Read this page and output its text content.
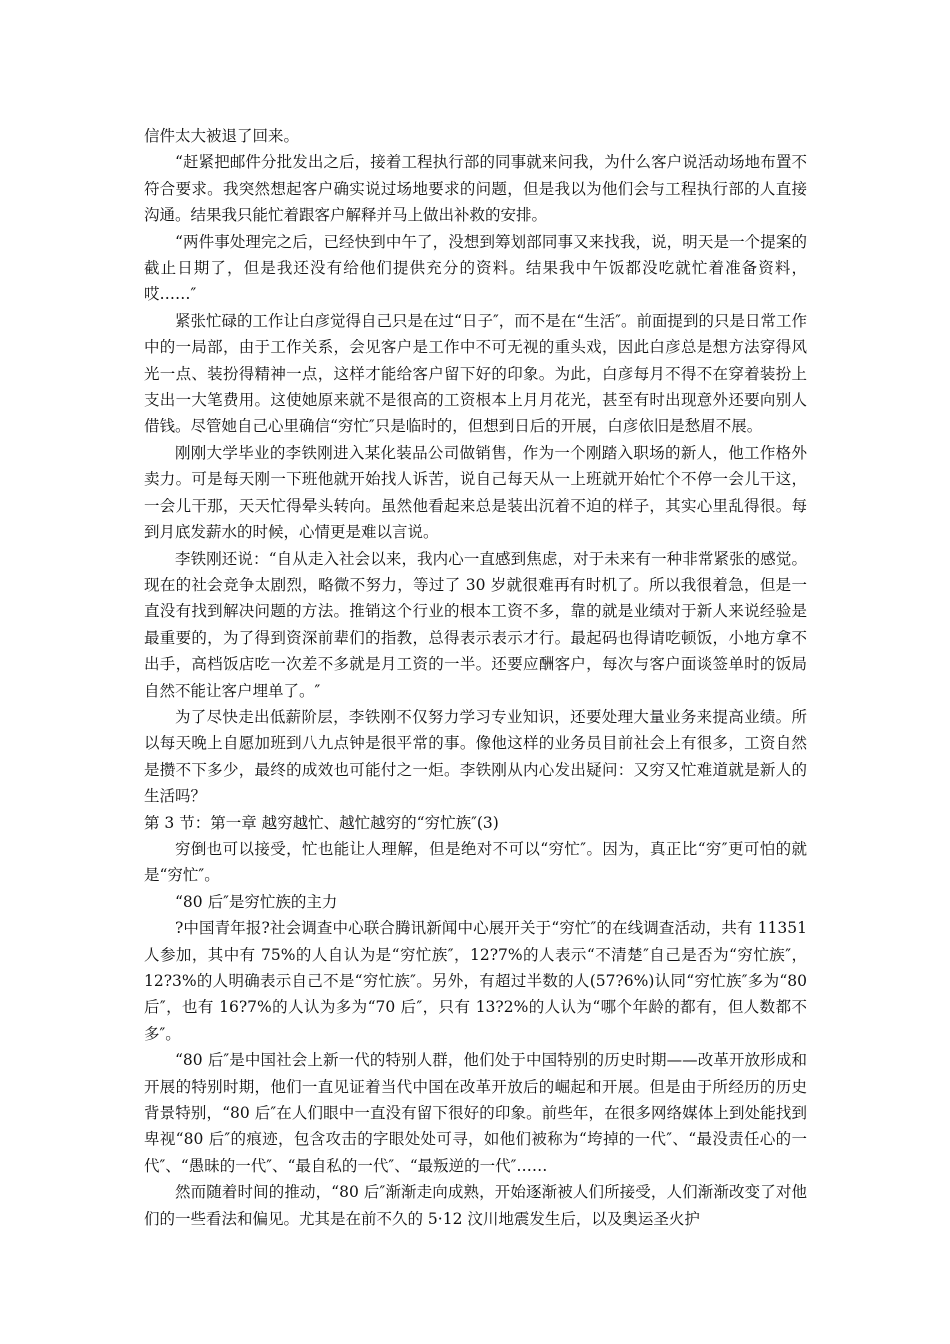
信件太大被退了回来。

“赶紧把邮件分批发出之后，接着工程执行部的同事就来问我，为什么客户说活动场地布置不符合要求。我突然想起客户确实说过场地要求的问题，但是我以为他们会与工程执行部的人直接沟通。结果我只能忙着跟客户解释并马上做出补救的安排。

“两件事处理完之后，已经快到中午了，没想到筹划部同事又来找我，说，明天是一个提案的截止日期了，但是我还没有给他们提供充分的资料。结果我中午饭都没吃就忙着准备资料，哎……″

紧张忙碌的工作让白彦觉得自己只是在过“日子″，而不是在“生活″。前面提到的只是日常工作中的一局部，由于工作关系，会见客户是工作中不可无视的重头戏，因此白彦总是想方法穿得风光一点、装扮得精神一点，这样才能给客户留下好的印象。为此，白彦每月不得不在穿着装扮上支出一大笔费用。这使她原来就不是很高的工资根本上月月花光，甚至有时出现意外还要向别人借钱。尽管她自己心里确信“穷忙″只是临时的，但想到日后的开展，白彦依旧是愁眉不展。

刚刚大学毕业的李铁刚进入某化装品公司做销售，作为一个刚踏入职场的新人，他工作格外卖力。可是每天刚一下班他就开始找人诉苦，说自己每天从一上班就开始忙个不停一会儿干这，一会儿干那，天天忙得晕头转向。虽然他看起来总是装出沉着不迫的样子，其实心里乱得很。每到月底发薪水的时候，心情更是难以言说。

李铁刚还说：“自从走入社会以来，我内心一直感到焦虑，对于未来有一种非常紧张的感觉。现在的社会竞争太剧烈，略微不努力，等过了 30 岁就很难再有时机了。所以我很着急，但是一直没有找到解决问题的方法。推销这个行业的根本工资不多，靠的就是业绩对于新人来说经验是最重要的，为了得到资深前辈们的指教，总得表示表示才行。最起码也得请吃顿饭，小地方拿不出手，高档饭店吃一次差不多就是月工资的一半。还要应酬客户，每次与客户面谈签单时的饭局自然不能让客户埋单了。″

为了尽快走出低薪阶层，李铁刚不仅努力学习专业知识，还要处理大量业务来提高业绩。所以每天晚上自愿加班到八九点钟是很平常的事。像他这样的业务员目前社会上有很多，工资自然是攒不下多少，最终的成效也可能付之一炬。李铁刚从内心发出疑问：又穷又忙难道就是新人的生活吗？

第 3 节：第一章 越穷越忙、越忙越穷的“穷忙族″(3)

穷倒也可以接受，忙也能让人理解，但是绝对不可以“穷忙″。因为，真正比“穷″更可怕的就是“穷忙″。

“80 后″是穷忙族的主力

?中国青年报?社会调查中心联合腾讯新闻中心展开关于“穷忙″的在线调查活动，共有 11351 人参加，其中有 75%的人自认为是“穷忙族″，12?7%的人表示“不清楚″自己是否为“穷忙族″，12?3%的人明确表示自己不是“穷忙族″。另外，有超过半数的人(57?6%)认同“穷忙族″多为“80 后″，也有 16?7%的人认为多为“70 后″，只有 13?2%的人认为“哪个年龄的都有，但人数都不多″。

“80 后″是中国社会上新一代的特别人群，他们处于中国特别的历史时期——改革开放形成和开展的特别时期，他们一直见证着当代中国在改革开放后的崛起和开展。但是由于所经历的历史背景特别，“80 后″在人们眼中一直没有留下很好的印象。前些年，在很多网络媒体上到处能找到卑视“80 后″的痕迹，包含攻击的字眼处处可寻，如他们被称为“垮掉的一代″、“最没责任心的一代″、“愚昧的一代″、“最自私的一代″、“最叛逆的一代″……

然而随着时间的推动，“80 后″渐渐走向成熟，开始逐渐被人们所接受，人们渐渐改变了对他们的一些看法和偏见。尤其是在前不久的 5·12 汶川地震发生后，以及奥运圣火护
